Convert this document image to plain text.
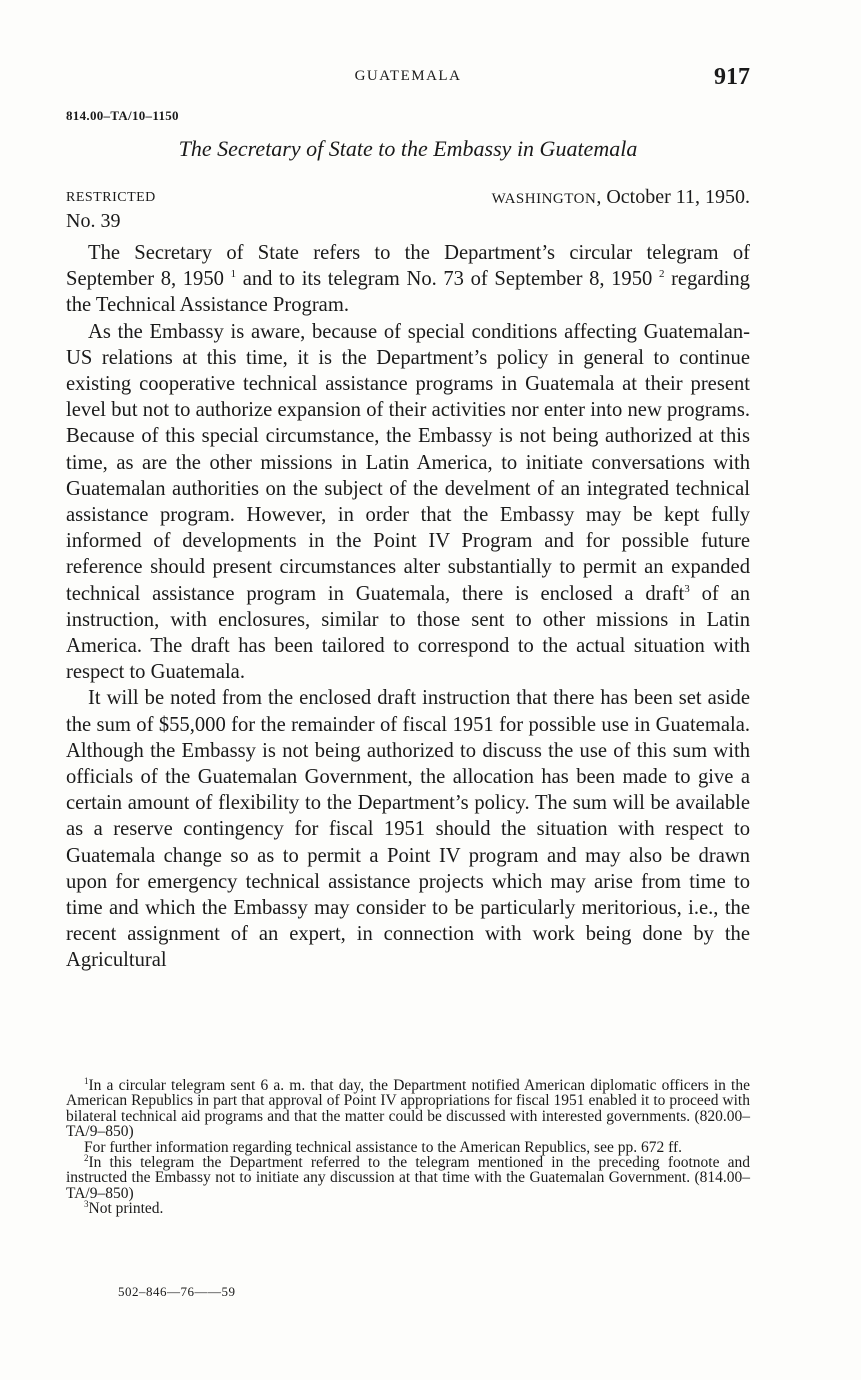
GUATEMALA	917
814.00–TA/10–1150
The Secretary of State to the Embassy in Guatemala
RESTRICTED	WASHINGTON, October 11, 1950.
No. 39

The Secretary of State refers to the Department’s circular telegram of September 8, 1950 $^1$ and to its telegram No. 73 of September 8, 1950 $^2$ regarding the Technical Assistance Program.

As the Embassy is aware, because of special conditions affecting Guatemalan-US relations at this time, it is the Department’s policy in general to continue existing cooperative technical assistance programs in Guatemala at their present level but not to authorize expansion of their activities nor enter into new programs. Because of this special circumstance, the Embassy is not being authorized at this time, as are the other missions in Latin America, to initiate conversations with Guatemalan authorities on the subject of the develment of an integrated technical assistance program. However, in order that the Embassy may be kept fully informed of developments in the Point IV Program and for possible future reference should present circumstances alter substantially to permit an expanded technical assistance program in Guatemala, there is enclosed a draft$^3$ of an instruction, with enclosures, similar to those sent to other missions in Latin America. The draft has been tailored to correspond to the actual situation with respect to Guatemala.

It will be noted from the enclosed draft instruction that there has been set aside the sum of $55,000 for the remainder of fiscal 1951 for possible use in Guatemala. Although the Embassy is not being authorized to discuss the use of this sum with officials of the Guatemalan Government, the allocation has been made to give a certain amount of flexibility to the Department’s policy. The sum will be available as a reserve contingency for fiscal 1951 should the situation with respect to Guatemala change so as to permit a Point IV program and may also be drawn upon for emergency technical assistance projects which may arise from time to time and which the Embassy may consider to be particularly meritorious, i.e., the recent assignment of an expert, in connection with work being done by the Agricultural

$^1$In a circular telegram sent 6 a. m. that day, the Department notified American diplomatic officers in the American Republics in part that approval of Point IV appropriations for fiscal 1951 enabled it to proceed with bilateral technical aid programs and that the matter could be discussed with interested governments. (820.00–TA/9–850)

For further information regarding technical assistance to the American Republics, see pp. 672 ff.

$^2$In this telegram the Department referred to the telegram mentioned in the preceding footnote and instructed the Embassy not to initiate any discussion at that time with the Guatemalan Government. (814.00–TA/9–850)

$^3$Not printed.

502–846—76——59
